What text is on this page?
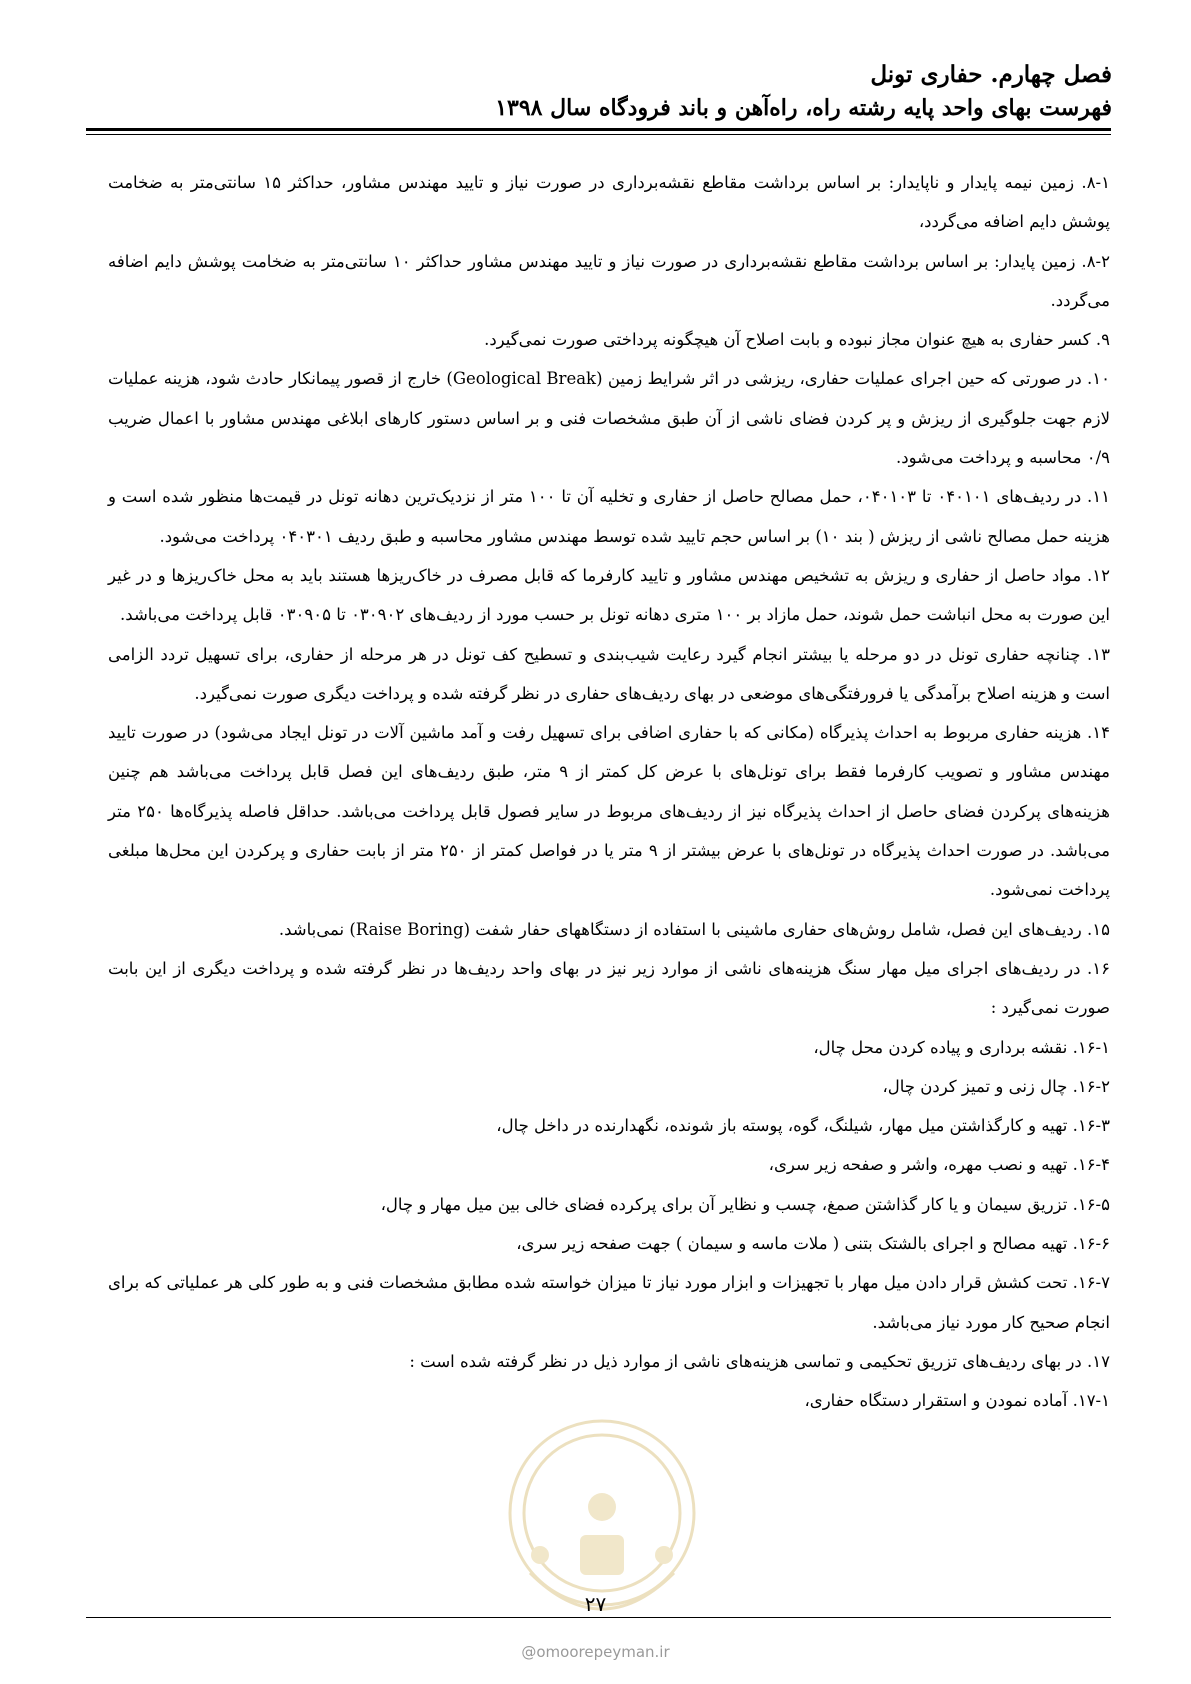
فصل چهارم. حفاری تونل
فهرست بهای واحد پایه رشته راه، راه‌آهن و باند فرودگاه سال ۱۳۹۸

۸-۱. زمین نیمه پایدار و ناپایدار: بر اساس برداشت مقاطع نقشه‌برداری در صورت نیاز و تایید مهندس مشاور، حداکثر ۱۵ سانتی‌متر به ضخامت پوشش دایم اضافه می‌گردد،

۸-۲. زمین پایدار: بر اساس برداشت مقاطع نقشه‌برداری در صورت نیاز و تایید مهندس مشاور حداکثر ۱۰ سانتی‌متر به ضخامت پوشش دایم اضافه می‌گردد.

۹. کسر حفاری به هیچ عنوان مجاز نبوده و بابت اصلاح آن هیچگونه پرداختی صورت نمی‌گیرد.

۱۰. در صورتی که حین اجرای عملیات حفاری، ریزشی در اثر شرایط زمین (Geological Break) خارج از قصور پیمانکار حادث شود، هزینه عملیات لازم جهت جلوگیری از ریزش و پر کردن فضای ناشی از آن طبق مشخصات فنی و بر اساس دستور کارهای ابلاغی مهندس مشاور با اعمال ضریب ۰/۹ محاسبه و پرداخت می‌شود.

۱۱. در ردیف‌های ۰۴۰۱۰۱ تا ۰۴۰۱۰۳، حمل مصالح حاصل از حفاری و تخلیه آن تا ۱۰۰ متر از نزدیک‌ترین دهانه تونل در قیمت‌ها منظور شده است و هزینه حمل مصالح ناشی از ریزش ( بند ۱۰) بر اساس حجم تایید شده توسط مهندس مشاور محاسبه و طبق ردیف ۰۴۰۳۰۱ پرداخت می‌شود.

۱۲. مواد حاصل از حفاری و ریزش به تشخیص مهندس مشاور و تایید کارفرما که قابل مصرف در خاک‌ریزها هستند باید به محل خاک‌ریزها و در غیر این صورت به محل انباشت حمل شوند، حمل مازاد بر ۱۰۰ متری دهانه تونل بر حسب مورد از ردیف‌های ۰۳۰۹۰۲ تا ۰۳۰۹۰۵ قابل پرداخت می‌باشد.

۱۳. چنانچه حفاری تونل در دو مرحله یا بیشتر انجام گیرد رعایت شیب‌بندی و تسطیح کف تونل در هر مرحله از حفاری، برای تسهیل تردد الزامی است و هزینه اصلاح برآمدگی یا فرورفتگی‌های موضعی در بهای ردیف‌های حفاری در نظر گرفته شده و پرداخت دیگری صورت نمی‌گیرد.

۱۴. هزینه حفاری مربوط به احداث پذیرگاه (مکانی که با حفاری اضافی برای تسهیل رفت و آمد ماشین آلات در تونل ایجاد می‌شود) در صورت تایید مهندس مشاور و تصویب کارفرما فقط برای تونل‌های با عرض کل کمتر از ۹ متر، طبق ردیف‌های این فصل قابل پرداخت می‌باشد هم چنین هزینه‌های پرکردن فضای حاصل از احداث پذیرگاه نیز از ردیف‌های مربوط در سایر فصول قابل پرداخت می‌باشد. حداقل فاصله پذیرگاه‌ها ۲۵۰ متر می‌باشد. در صورت احداث پذیرگاه در تونل‌های با عرض بیشتر از ۹ متر یا در فواصل کمتر از ۲۵۰ متر از بابت حفاری و پرکردن این محل‌ها مبلغی پرداخت نمی‌شود.

۱۵. ردیف‌های این فصل، شامل روش‌های حفاری ماشینی با استفاده از دستگاههای حفار شفت (Raise Boring) نمی‌باشد.

۱۶. در ردیف‌های اجرای میل مهار سنگ هزینه‌های ناشی از موارد زیر نیز در بهای واحد ردیف‌ها در نظر گرفته شده و پرداخت دیگری از این بابت صورت نمی‌گیرد :

۱۶-۱. نقشه برداری و پیاده کردن محل چال،

۱۶-۲. چال زنی و تمیز کردن چال،

۱۶-۳. تهیه و کارگذاشتن میل مهار، شیلنگ، گوه، پوسته باز شونده، نگهدارنده در داخل چال،

۱۶-۴. تهیه و نصب مهره، واشر و صفحه زیر سری،

۱۶-۵. تزریق سیمان و یا کار گذاشتن صمغ، چسب و نظایر آن برای پرکرده فضای خالی بین میل مهار و چال،

۱۶-۶. تهیه مصالح و اجرای بالشتک بتنی ( ملات ماسه و سیمان ) جهت صفحه زیر سری،

۱۶-۷. تحت کشش قرار دادن میل مهار با تجهیزات و ابزار مورد نیاز تا میزان خواسته شده مطابق مشخصات فنی و به طور کلی هر عملیاتی که برای انجام صحیح کار مورد نیاز می‌باشد.

۱۷. در بهای ردیف‌های تزریق تحکیمی و تماسی هزینه‌های ناشی از موارد ذیل در نظر گرفته شده است :

۱۷-۱. آماده نمودن و استقرار دستگاه حفاری،

۲۷
@omoorepeyman.ir
